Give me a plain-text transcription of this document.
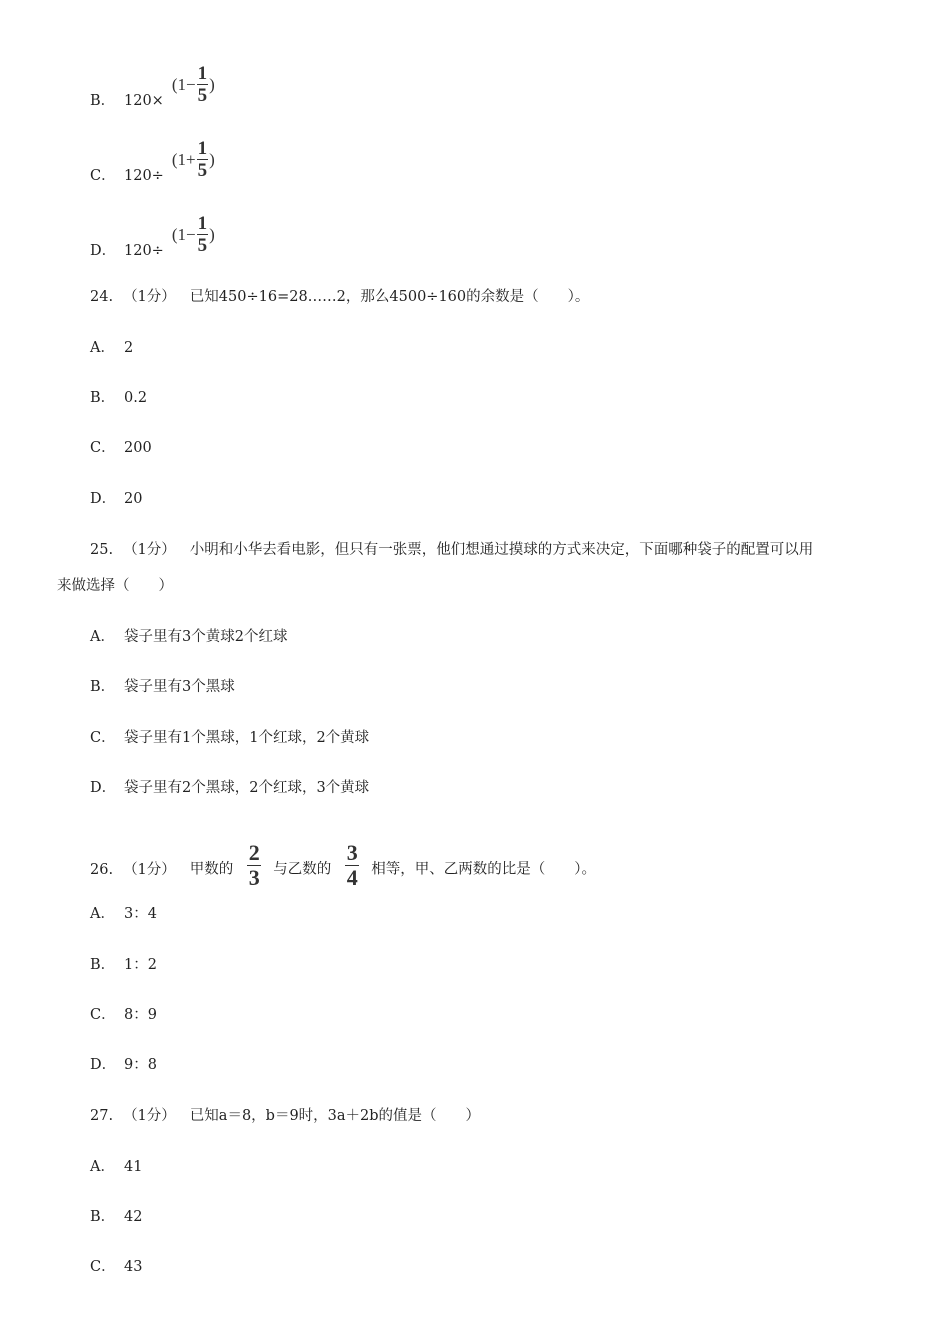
B． 120×
($1- \frac{1}{5}$ )
C． 120÷
($1+ \frac{1}{5}$ )
D． 120÷
($1- \frac{1}{5}$ )
24. （1分） 已知450÷16=28……2，那么4500÷160的余数是（　　）。
A． 2
B． 0.2
C． 200
D． 20
25. （1分） 小明和小华去看电影，但只有一张票，他们想通过摸球的方式来决定，下面哪种袋子的配置可以用
来做选择（　　）
A． 袋子里有3个黄球2个红球
B． 袋子里有3个黑球
C． 袋子里有1个黑球，1个红球，2个黄球
D． 袋子里有2个黑球，2个红球，3个黄球
26. （1分） 甲数的 $\frac{2}{3}$ 与乙数的 $\frac{3}{4}$ 相等，甲、乙两数的比是（　　）。
A． 3：4
B． 1：2
C． 8：9
D． 9：8
27. （1分） 已知a＝8，b＝9时，3a＋2b的值是（　　）
A． 41
B． 42
C． 43
